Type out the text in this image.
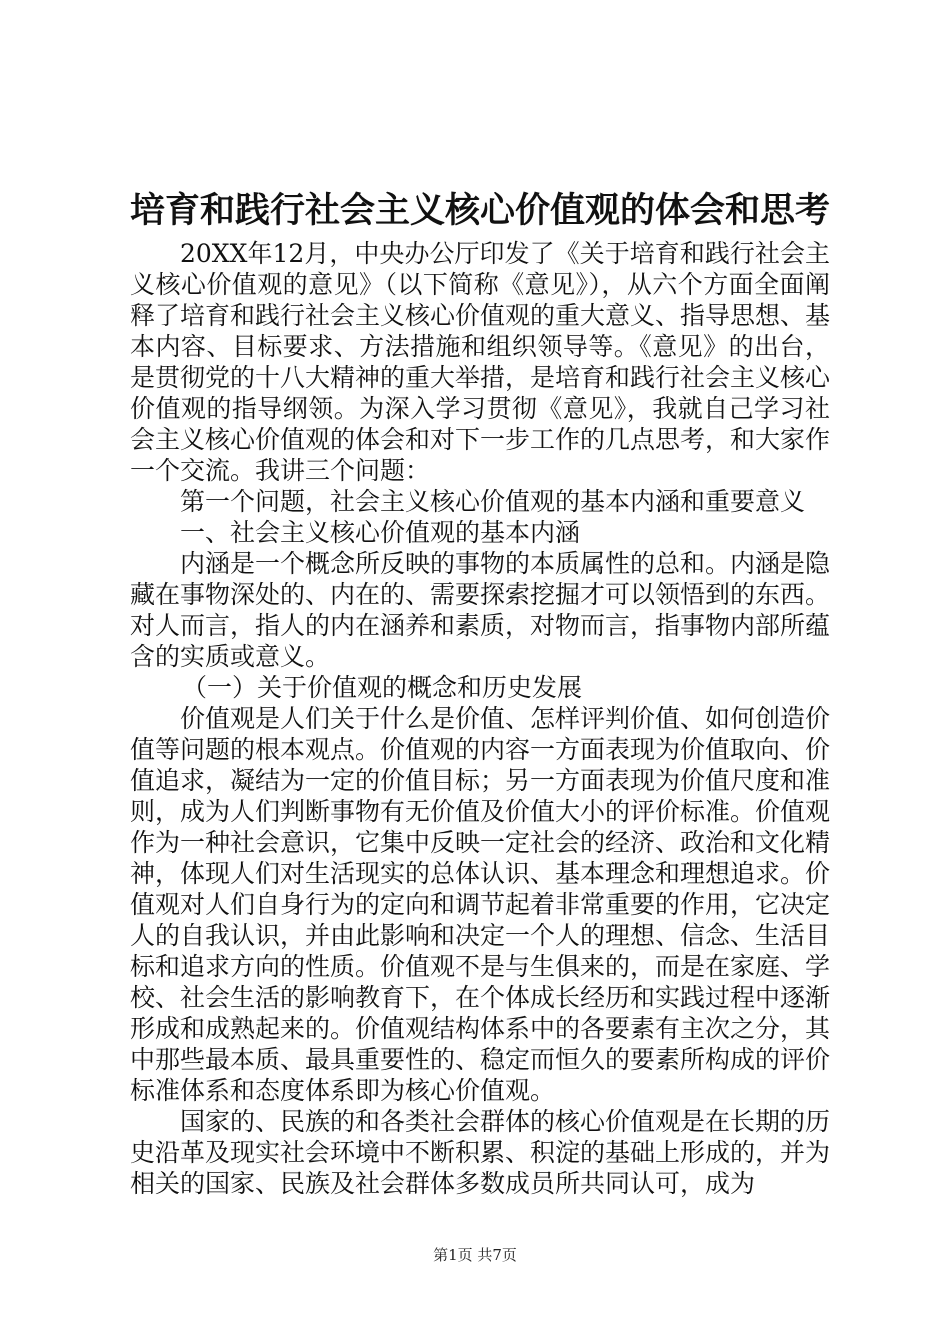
培育和践行社会主义核心价值观的体会和思考

20XX年12月，中央办公厅印发了《关于培育和践行社会主义核心价值观的意见》（以下简称《意见》），从六个方面全面阐释了培育和践行社会主义核心价值观的重大意义、指导思想、基本内容、目标要求、方法措施和组织领导等。《意见》的出台，是贯彻党的十八大精神的重大举措，是培育和践行社会主义核心价值观的指导纲领。为深入学习贯彻《意见》，我就自己学习社会主义核心价值观的体会和对下一步工作的几点思考，和大家作一个交流。我讲三个问题：

第一个问题，社会主义核心价值观的基本内涵和重要意义

一、社会主义核心价值观的基本内涵

内涵是一个概念所反映的事物的本质属性的总和。内涵是隐藏在事物深处的、内在的、需要探索挖掘才可以领悟到的东西。对人而言，指人的内在涵养和素质，对物而言，指事物内部所蕴含的实质或意义。

（一）关于价值观的概念和历史发展

价值观是人们关于什么是价值、怎样评判价值、如何创造价值等问题的根本观点。价值观的内容一方面表现为价值取向、价值追求，凝结为一定的价值目标；另一方面表现为价值尺度和准则，成为人们判断事物有无价值及价值大小的评价标准。价值观作为一种社会意识，它集中反映一定社会的经济、政治和文化精神，体现人们对生活现实的总体认识、基本理念和理想追求。价值观对人们自身行为的定向和调节起着非常重要的作用，它决定人的自我认识，并由此影响和决定一个人的理想、信念、生活目标和追求方向的性质。价值观不是与生俱来的，而是在家庭、学校、社会生活的影响教育下，在个体成长经历和实践过程中逐渐形成和成熟起来的。价值观结构体系中的各要素有主次之分，其中那些最本质、最具重要性的、稳定而恒久的要素所构成的评价标准体系和态度体系即为核心价值观。

国家的、民族的和各类社会群体的核心价值观是在长期的历史沿革及现实社会环境中不断积累、积淀的基础上形成的，并为相关的国家、民族及社会群体多数成员所共同认可，成为

第1页 共7页
